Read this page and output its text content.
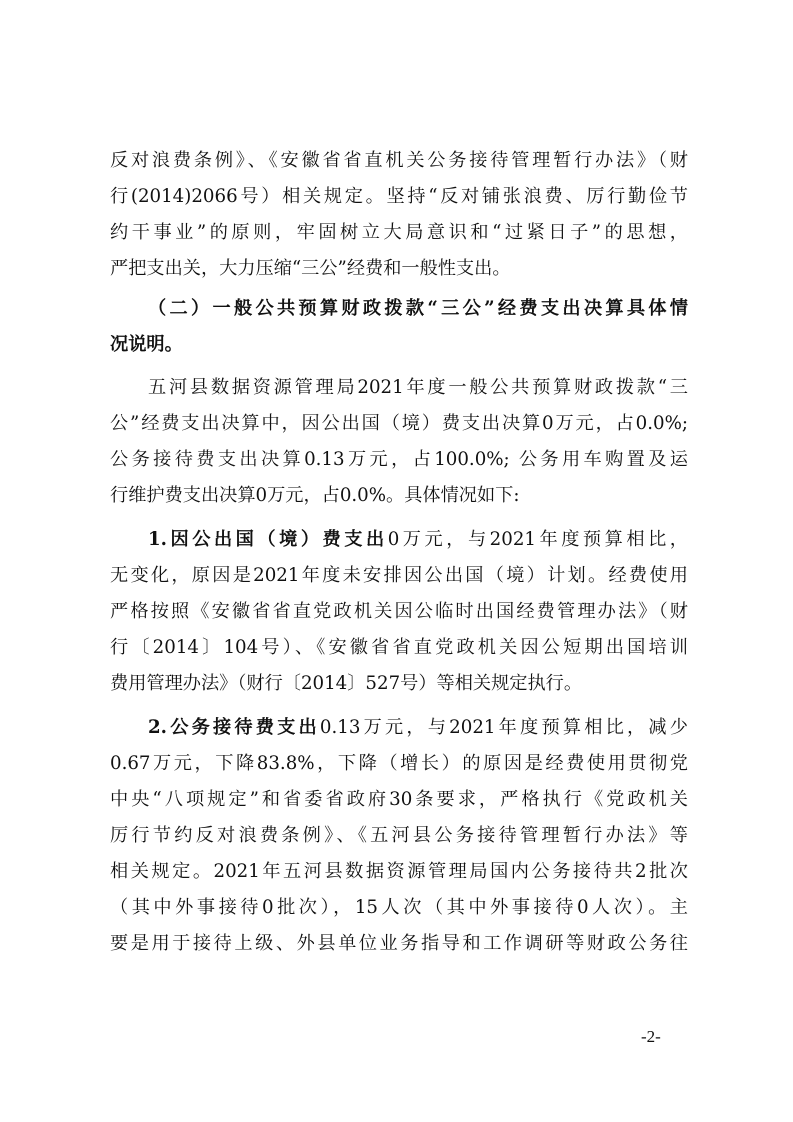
反对浪费条例》、《安徽省省直机关公务接待管理暂行办法》（财
行(2014)2066号）相关规定。坚持“反对铺张浪费、厉行勤俭节
约干事业”的原则，牢固树立大局意识和“过紧日子”的思想，
严把支出关，大力压缩“三公”经费和一般性支出。
（二）一般公共预算财政拨款“三公”经费支出决算具体情
况说明。
五河县数据资源管理局2021年度一般公共预算财政拨款“三
公”经费支出决算中，因公出国（境）费支出决算0万元，占0.0%;
公务接待费支出决算0.13万元，占100.0%; 公务用车购置及运
行维护费支出决算0万元，占0.0%。具体情况如下:
1.因公出国（境）费支出0万元，与2021年度预算相比，
无变化，原因是2021年度未安排因公出国（境）计划。经费使用
严格按照《安徽省省直党政机关因公临时出国经费管理办法》（财
行〔2014〕104号）、《安徽省省直党政机关因公短期出国培训
费用管理办法》（财行〔2014〕527号）等相关规定执行。
2.公务接待费支出0.13万元，与2021年度预算相比，减少
0.67万元，下降83.8%，下降（增长）的原因是经费使用贯彻党
中央“八项规定”和省委省政府30条要求，严格执行《党政机关
厉行节约反对浪费条例》、《五河县公务接待管理暂行办法》等
相关规定。2021年五河县数据资源管理局国内公务接待共2批次
（其中外事接待0批次），15人次（其中外事接待0人次）。主
要是用于接待上级、外县单位业务指导和工作调研等财政公务往
-2-
